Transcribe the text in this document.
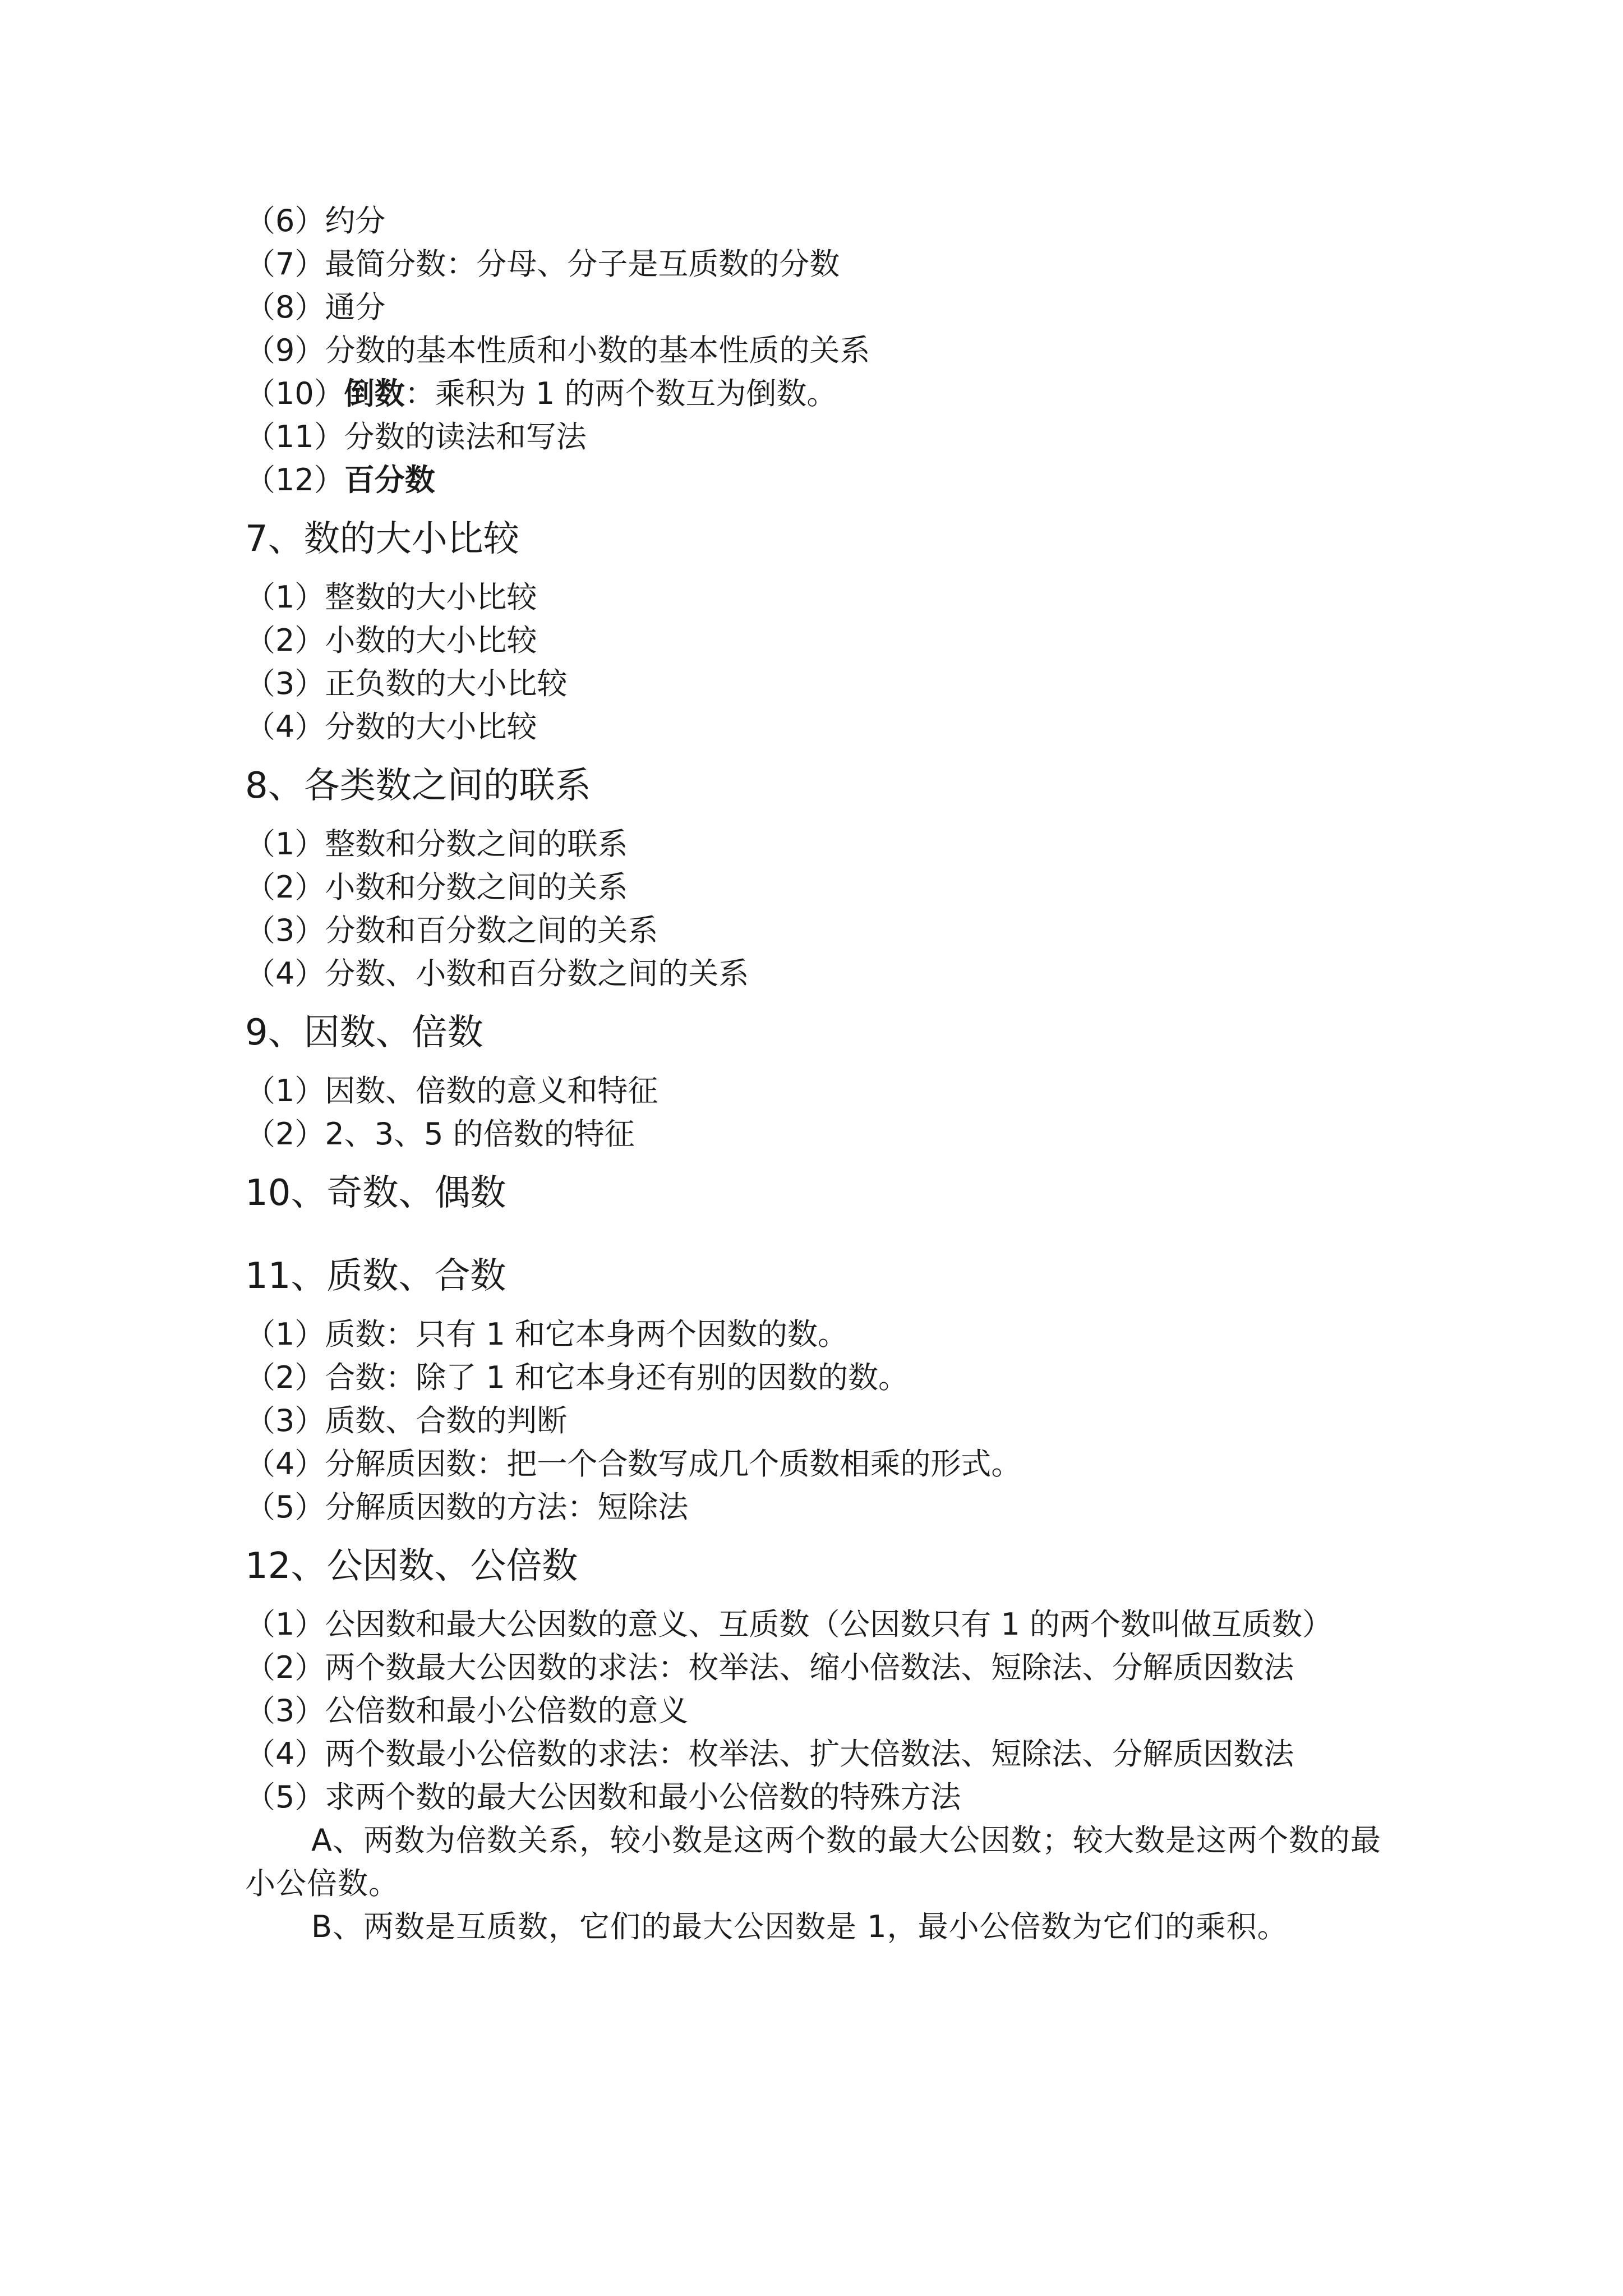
（6）约分
（7）最简分数：分母、分子是互质数的分数
（8）通分
（9）分数的基本性质和小数的基本性质的关系
（10）倒数：乘积为 1 的两个数互为倒数。
（11）分数的读法和写法
（12）百分数
7、数的大小比较
（1）整数的大小比较
（2）小数的大小比较
（3）正负数的大小比较
（4）分数的大小比较
8、各类数之间的联系
（1）整数和分数之间的联系
（2）小数和分数之间的关系
（3）分数和百分数之间的关系
（4）分数、小数和百分数之间的关系
9、因数、倍数
（1）因数、倍数的意义和特征
（2）2、3、5 的倍数的特征
10、奇数、偶数
11、质数、合数
（1）质数：只有 1 和它本身两个因数的数。
（2）合数：除了 1 和它本身还有别的因数的数。
（3）质数、合数的判断
（4）分解质因数：把一个合数写成几个质数相乘的形式。
（5）分解质因数的方法：短除法
12、公因数、公倍数
（1）公因数和最大公因数的意义、互质数（公因数只有 1 的两个数叫做互质数）
（2）两个数最大公因数的求法：枚举法、缩小倍数法、短除法、分解质因数法
（3）公倍数和最小公倍数的意义
（4）两个数最小公倍数的求法：枚举法、扩大倍数法、短除法、分解质因数法
（5）求两个数的最大公因数和最小公倍数的特殊方法
A、两数为倍数关系，较小数是这两个数的最大公因数；较大数是这两个数的最小公倍数。
B、两数是互质数，它们的最大公因数是 1，最小公倍数为它们的乘积。
